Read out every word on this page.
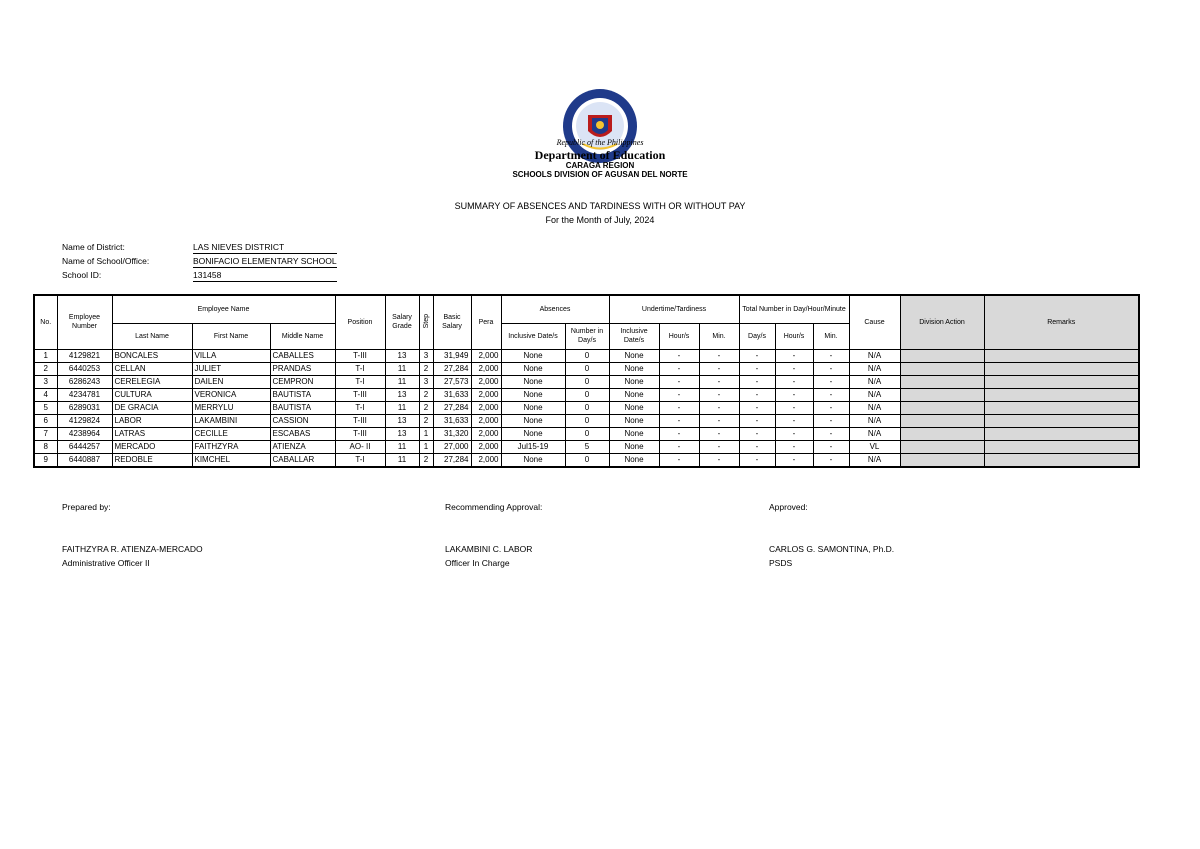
Republic of the Philippines
Department of Education
CARAGA REGION
SCHOOLS DIVISION OF AGUSAN DEL NORTE
SUMMARY OF ABSENCES AND TARDINESS WITH OR WITHOUT PAY
For the Month of July, 2024
Name of District:	LAS NIEVES DISTRICT
Name of School/Office:	BONIFACIO ELEMENTARY SCHOOL
School ID:	131458
No.	Employee Number	Employee Name			Position	Salary Grade	Step	Basic Salary	Pera	Absences		Undertime/Tardiness			Total Number in Day/Hour/Minute			Cause	Division Action	Remarks
		Last Name	First Name	Middle Name						Inclusive Date/s	Number in Day/s	Inclusive Date/s	Hour/s	Min.	Day/s	Hour/s	Min.			
1	4129821	BONCALES	VILLA	CABALLES	T-III	13	3	31,949	2,000	None	0	None	-	-	-	-	-	N/A		
2	6440253	CELLAN	JULIET	PRANDAS	T-I	11	2	27,284	2,000	None	0	None	-	-	-	-	-	N/A		
3	6286243	CERELEGIA	DAILEN	CEMPRON	T-I	11	3	27,573	2,000	None	0	None	-	-	-	-	-	N/A		
4	4234781	CULTURA	VERONICA	BAUTISTA	T-III	13	2	31,633	2,000	None	0	None	-	-	-	-	-	N/A		
5	6289031	DE GRACIA	MERRYLU	BAUTISTA	T-I	11	2	27,284	2,000	None	0	None	-	-	-	-	-	N/A		
6	4129824	LABOR	LAKAMBINI	CASSION	T-III	13	2	31,633	2,000	None	0	None	-	-	-	-	-	N/A		
7	4238964	LATRAS	CECILLE	ESCABAS	T-III	13	1	31,320	2,000	None	0	None	-	-	-	-	-	N/A		
8	6444257	MERCADO	FAITHZYRA	ATIENZA	AO- II	11	1	27,000	2,000	Jul15-19	5	None	-	-	-	-	-	VL		
9	6440887	REDOBLE	KIMCHEL	CABALLAR	T-I	11	2	27,284	2,000	None	0	None	-	-	-	-	-	N/A		
Prepared by:
FAITHZYRA R. ATIENZA-MERCADO
Administrative Officer II
Recommending Approval:
LAKAMBINI C. LABOR
Officer In Charge
Approved:
CARLOS G. SAMONTINA, Ph.D.
PSDS
